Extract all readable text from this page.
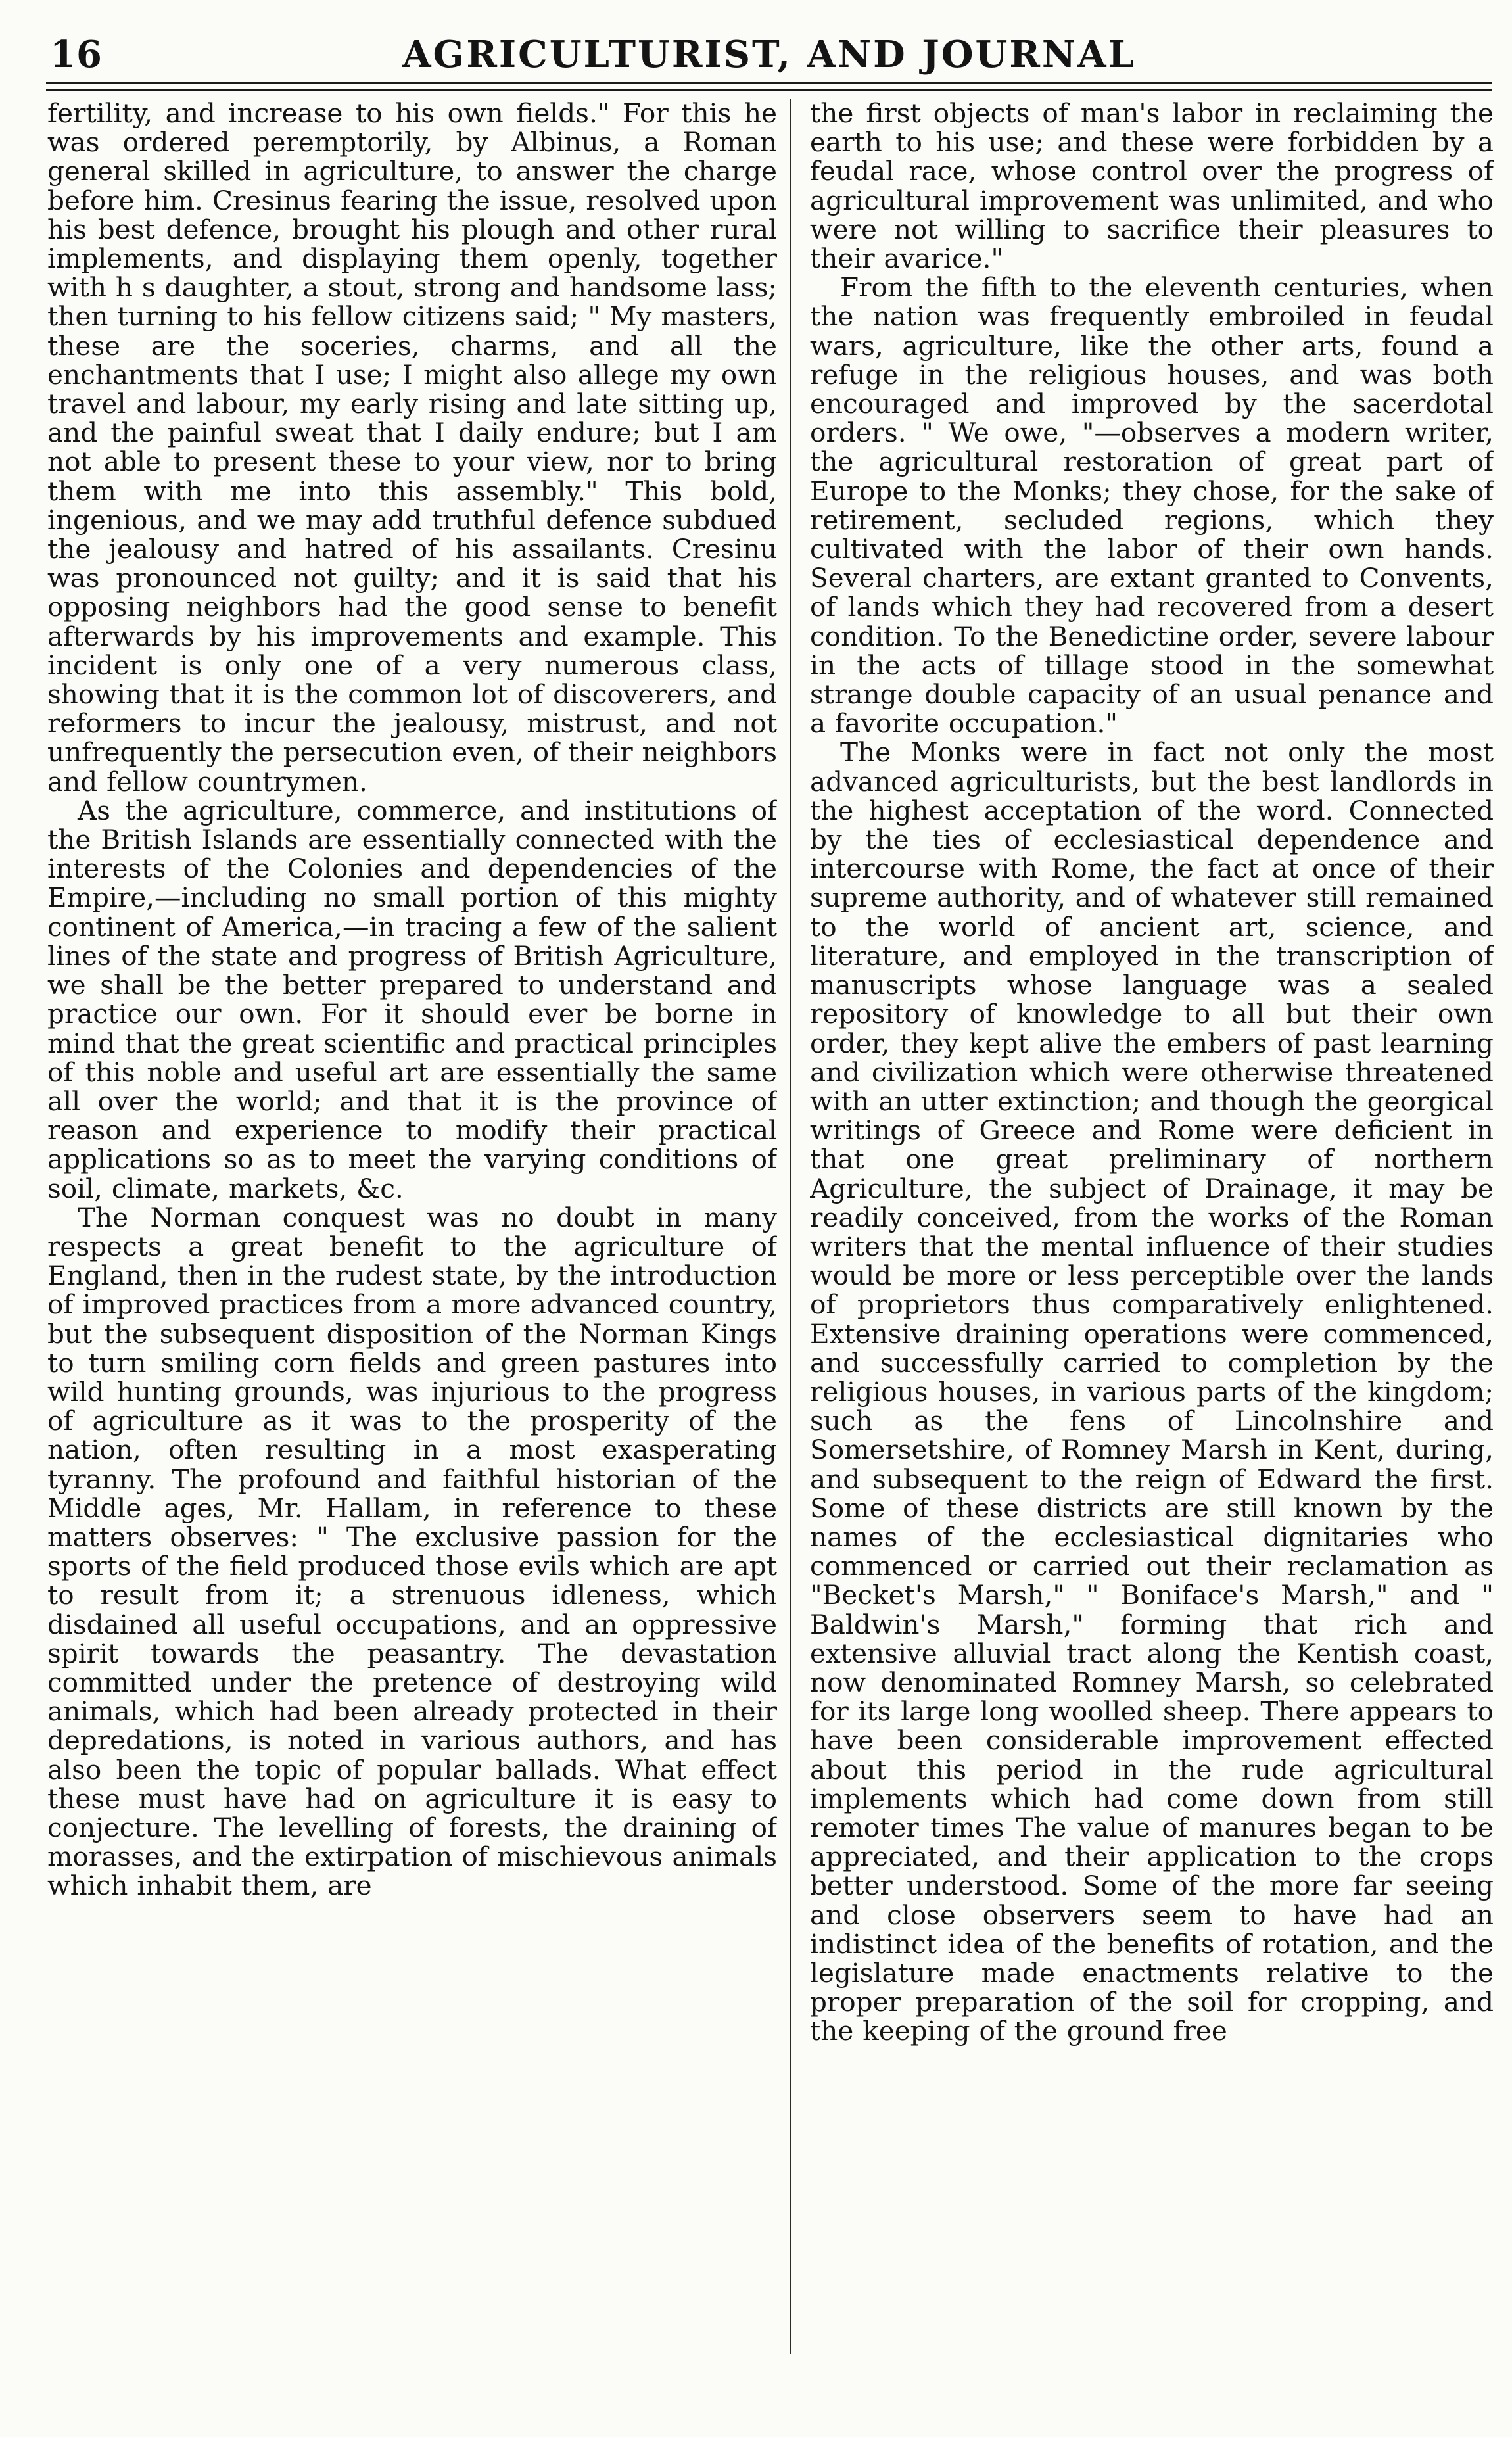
16	AGRICULTURIST, AND JOURNAL

fertility, and increase to his own fields." For this he was ordered peremptorily, by Albinus, a Roman general skilled in agriculture, to answer the charge before him. Cresinus fearing the issue, resolved upon his best defence, brought his plough and other rural implements, and displaying them openly, together with h s daughter, a stout, strong and handsome lass; then turning to his fellow citizens said; " My masters, these are the soceries, charms, and all the enchantments that I use; I might also allege my own travel and labour, my early rising and late sitting up, and the painful sweat that I daily endure; but I am not able to present these to your view, nor to bring them with me into this assembly." This bold, ingenious, and we may add truthful defence subdued the jealousy and hatred of his assailants. Cresinu was pronounced not guilty; and it is said that his opposing neighbors had the good sense to benefit afterwards by his improvements and example. This incident is only one of a very numerous class, showing that it is the common lot of discoverers, and reformers to incur the jealousy, mistrust, and not unfrequently the persecution even, of their neighbors and fellow countrymen.

As the agriculture, commerce, and institutions of the British Islands are essentially connected with the interests of the Colonies and dependencies of the Empire,—including no small portion of this mighty continent of America,—in tracing a few of the salient lines of the state and progress of British Agriculture, we shall be the better prepared to understand and practice our own. For it should ever be borne in mind that the great scientific and practical principles of this noble and useful art are essentially the same all over the world; and that it is the province of reason and experience to modify their practical applications so as to meet the varying conditions of soil, climate, markets, &c.

The Norman conquest was no doubt in many respects a great benefit to the agriculture of England, then in the rudest state, by the introduction of improved practices from a more advanced country, but the subsequent disposition of the Norman Kings to turn smiling corn fields and green pastures into wild hunting grounds, was injurious to the progress of agriculture as it was to the prosperity of the nation, often resulting in a most exasperating tyranny. The profound and faithful historian of the Middle ages, Mr. Hallam, in reference to these matters observes: " The exclusive passion for the sports of the field produced those evils which are apt to result from it; a strenuous idleness, which disdained all useful occupations, and an oppressive spirit towards the peasantry. The devastation committed under the pretence of destroying wild animals, which had been already protected in their depredations, is noted in various authors, and has also been the topic of popular ballads. What effect these must have had on agriculture it is easy to conjecture. The levelling of forests, the draining of morasses, and the extirpation of mischievous animals which inhabit them, are

the first objects of man's labor in reclaiming the earth to his use; and these were forbidden by a feudal race, whose control over the progress of agricultural improvement was unlimited, and who were not willing to sacrifice their pleasures to their avarice."

From the fifth to the eleventh centuries, when the nation was frequently embroiled in feudal wars, agriculture, like the other arts, found a refuge in the religious houses, and was both encouraged and improved by the sacerdotal orders. " We owe, "—observes a modern writer, the agricultural restoration of great part of Europe to the Monks; they chose, for the sake of retirement, secluded regions, which they cultivated with the labor of their own hands. Several charters, are extant granted to Convents, of lands which they had recovered from a desert condition. To the Benedictine order, severe labour in the acts of tillage stood in the somewhat strange double capacity of an usual penance and a favorite occupation."

The Monks were in fact not only the most advanced agriculturists, but the best landlords in the highest acceptation of the word. Connected by the ties of ecclesiastical dependence and intercourse with Rome, the fact at once of their supreme authority, and of whatever still remained to the world of ancient art, science, and literature, and employed in the transcription of manuscripts whose language was a sealed repository of knowledge to all but their own order, they kept alive the embers of past learning and civilization which were otherwise threatened with an utter extinction; and though the georgical writings of Greece and Rome were deficient in that one great preliminary of northern Agriculture, the subject of Drainage, it may be readily conceived, from the works of the Roman writers that the mental influence of their studies would be more or less perceptible over the lands of proprietors thus comparatively enlightened. Extensive draining operations were commenced, and successfully carried to completion by the religious houses, in various parts of the kingdom; such as the fens of Lincolnshire and Somersetshire, of Romney Marsh in Kent, during, and subsequent to the reign of Edward the first. Some of these districts are still known by the names of the ecclesiastical dignitaries who commenced or carried out their reclamation as "Becket's Marsh," " Boniface's Marsh," and " Baldwin's Marsh," forming that rich and extensive alluvial tract along the Kentish coast, now denominated Romney Marsh, so celebrated for its large long woolled sheep. There appears to have been considerable improvement effected about this period in the rude agricultural implements which had come down from still remoter times The value of manures began to be appreciated, and their application to the crops better understood. Some of the more far seeing and close observers seem to have had an indistinct idea of the benefits of rotation, and the legislature made enactments relative to the proper preparation of the soil for cropping, and the keeping of the ground free
